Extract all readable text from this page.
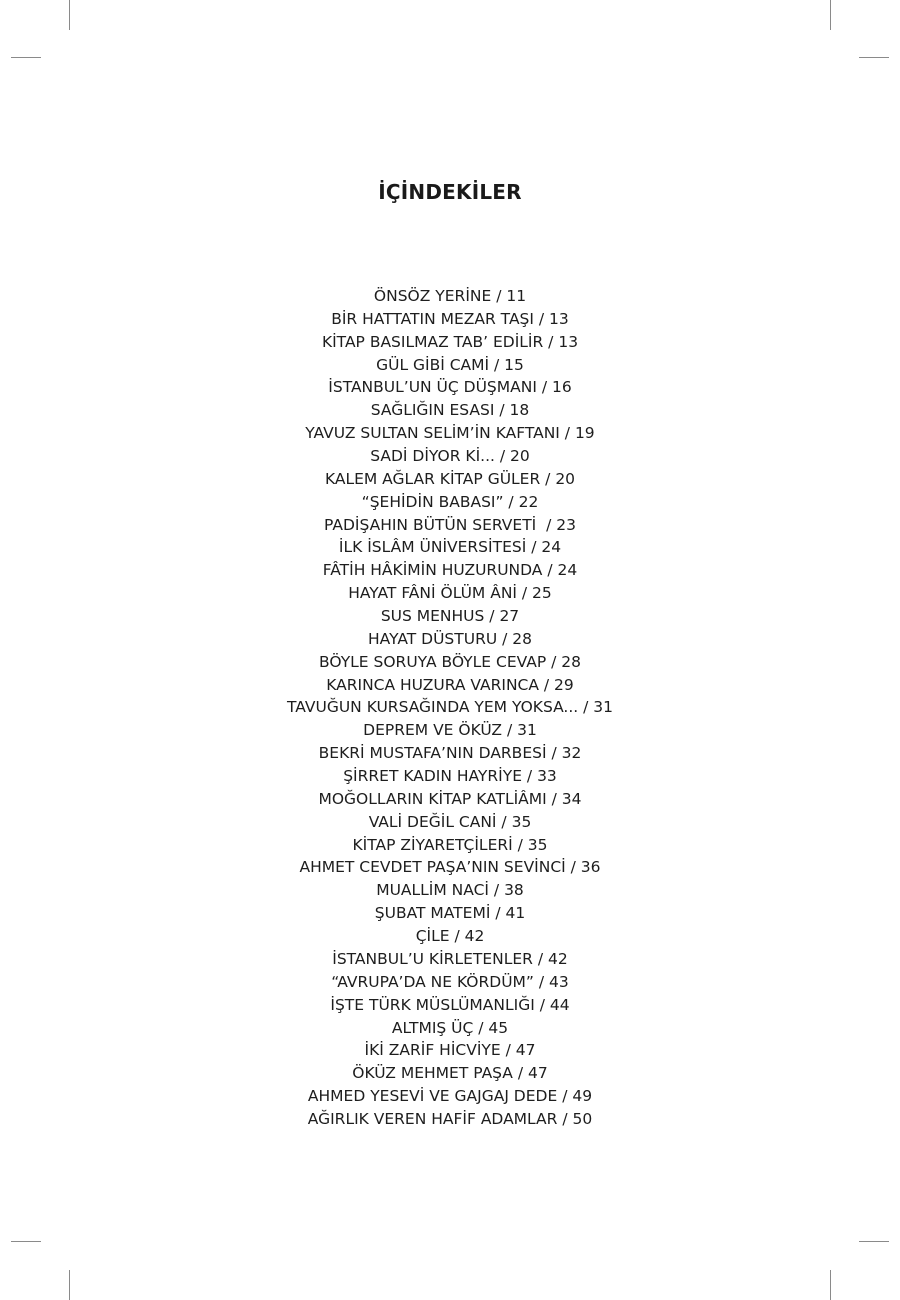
İÇİNDEKİLER
ÖNSÖZ YERİNE / 11
BİR HATTATIN MEZAR TAŞI / 13
KİTAP BASILMAZ TAB’ EDİLİR / 13
GÜL GİBİ CAMİ / 15
İSTANBUL’UN ÜÇ DÜŞMANI / 16
SAĞLIĞIN ESASI / 18
YAVUZ SULTAN SELİM’İN KAFTANI / 19
SADİ DİYOR Kİ... / 20
KALEM AĞLAR KİTAP GÜLER / 20
“ŞEHİDİN BABASI” / 22
PADİŞAHIN BÜTÜN SERVETİ  / 23
İLK İSLÂM ÜNİVERSİTESİ / 24
FÂTİH HÂKİMİN HUZURUNDA / 24
HAYAT FÂNİ ÖLÜM ÂNİ / 25
SUS MENHUS / 27
HAYAT DÜSTURU / 28
BÖYLE SORUYA BÖYLE CEVAP / 28
KARINCA HUZURA VARINCA / 29
TAVUĞUN KURSAĞINDA YEM YOKSA... / 31
DEPREM VE ÖKÜZ / 31
BEKRİ MUSTAFA’NIN DARBESİ / 32
ŞİRRET KADIN HAYRİYE / 33
MOĞOLLARIN KİTAP KATLİÂMI / 34
VALİ DEĞİL CANİ / 35
KİTAP ZİYARETÇİLERİ / 35
AHMET CEVDET PAŞA’NIN SEVİNCİ / 36
MUALLİM NACİ / 38
ŞUBAT MATEMİ / 41
ÇİLE / 42
İSTANBUL’U KİRLETENLER / 42
“AVRUPA’DA NE KÖRDÜM” / 43
İŞTE TÜRK MÜSLÜMANLIĞI / 44
ALTMIŞ ÜÇ / 45
İKİ ZARİF HİCVİYE / 47
ÖKÜZ MEHMET PAŞA / 47
AHMED YESEVİ VE GAJGAJ DEDE / 49
AĞIRLIK VEREN HAFİF ADAMLAR / 50
